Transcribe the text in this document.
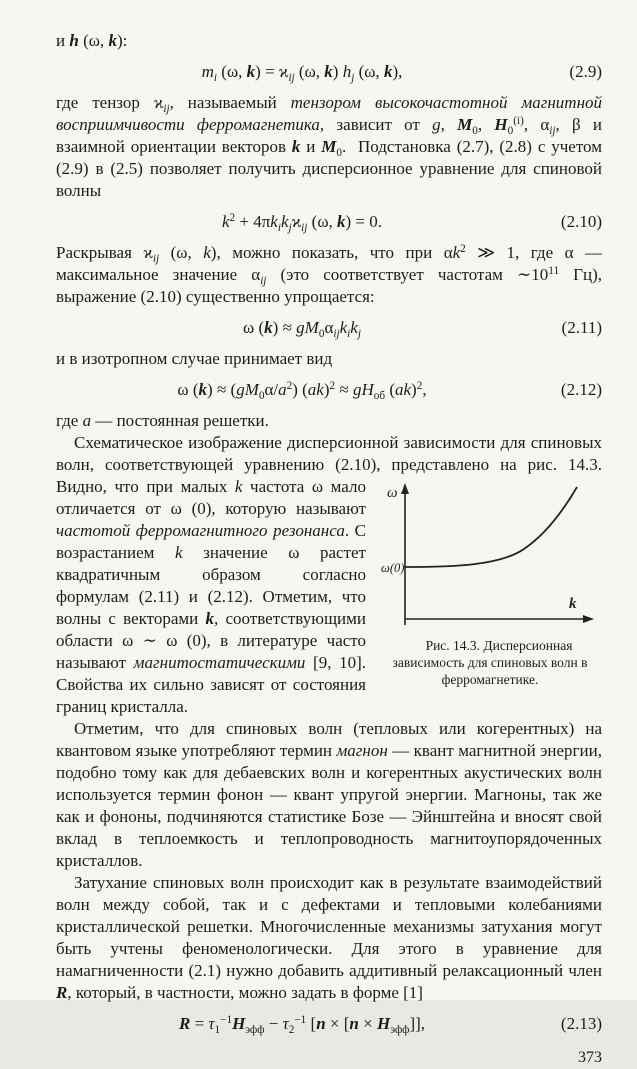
и h (ω, k):

$m_i$ (ω, $k) = ϰ_{ij}$ (ω, k) $h_j$ (ω, k),	(2.9)

где тензор $ϰ_{ij}$, называемый тензором высокочастотной магнитной восприимчивости ферромагнетика, зависит от g, $M_0$, $H_0^{(i)}$, $\alpha_{ij}$, β и взаимной ориентации векторов k и $M_0$.  Подстановка (2.7), (2.8) с учетом (2.9) в (2.5) позволяет получить дисперсионное уравнение для спиновой волны

$k^2 + 4\pi k_ik_jϰ_{ij}$ (ω, k) = 0.	(2.10)

Раскрывая $ϰ_{ij}$ (ω, k), можно показать, что при $\alpha k^2$ ≫ 1, где α — максимальное значение $\alpha_{ij}$ (это соответствует частотам $\sim 10^{11}$ Гц), выражение (2.10) существенно упрощается:

ω $(k) \approx gM_0\alpha_{ij}k_ik_j$	(2.11)

и в изотропном случае принимает вид

ω $(k) \approx (gM_0\alpha/a^2) (ak)^2 \approx gH_{об}$ (ak)$^2$,	(2.12)

где a — постоянная решетки.

Схематическое изображение дисперсионной зависимости для спиновых волн, соответствующей уравнению (2.10), представлено
ω
ω(0)
k
Рис. 14.3. Дисперсионная зависимость для спиновых волн в ферромагнетике.
на рис. 14.3. Видно, что при малых k частота ω мало отличается от ω (0), которую называют частотой ферромагнитного резонанса. С возрастанием k значение ω растет квадратичным образом согласно формулам (2.11) и (2.12). Отметим, что волны с векторами k, соответствующими области ω ∼ ω (0), в литературе часто называют магнитостатическими [9, 10]. Свойства их сильно зависят от состояния границ кристалла.

Отметим, что для спиновых волн (тепловых или когерентных) на квантовом языке употребляют термин магнон — квант магнитной энергии, подобно тому как для дебаевских волн и когерентных акустических волн используется термин фонон — квант упругой энергии. Магноны, так же как и фононы, подчиняются статистике Бозе — Эйнштейна и вносят свой вклад в теплоемкость и теплопроводность магнитоупорядоченных кристаллов.

Затухание спиновых волн происходит как в результате взаимодействий волн между собой, так и с дефектами и тепловыми колебаниями кристаллической решетки. Многочисленные механизмы затухания могут быть учтены феноменологически. Для этого в уравнение для намагниченности (2.1) нужно добавить аддитивный релаксационный член R, который, в частности, можно задать в форме [1]

$R = \tau_1^{-1}H_{эфф} - \tau_2^{-1}$ $[n \times [n \times H_{эфф}]]$,	(2.13)
373
